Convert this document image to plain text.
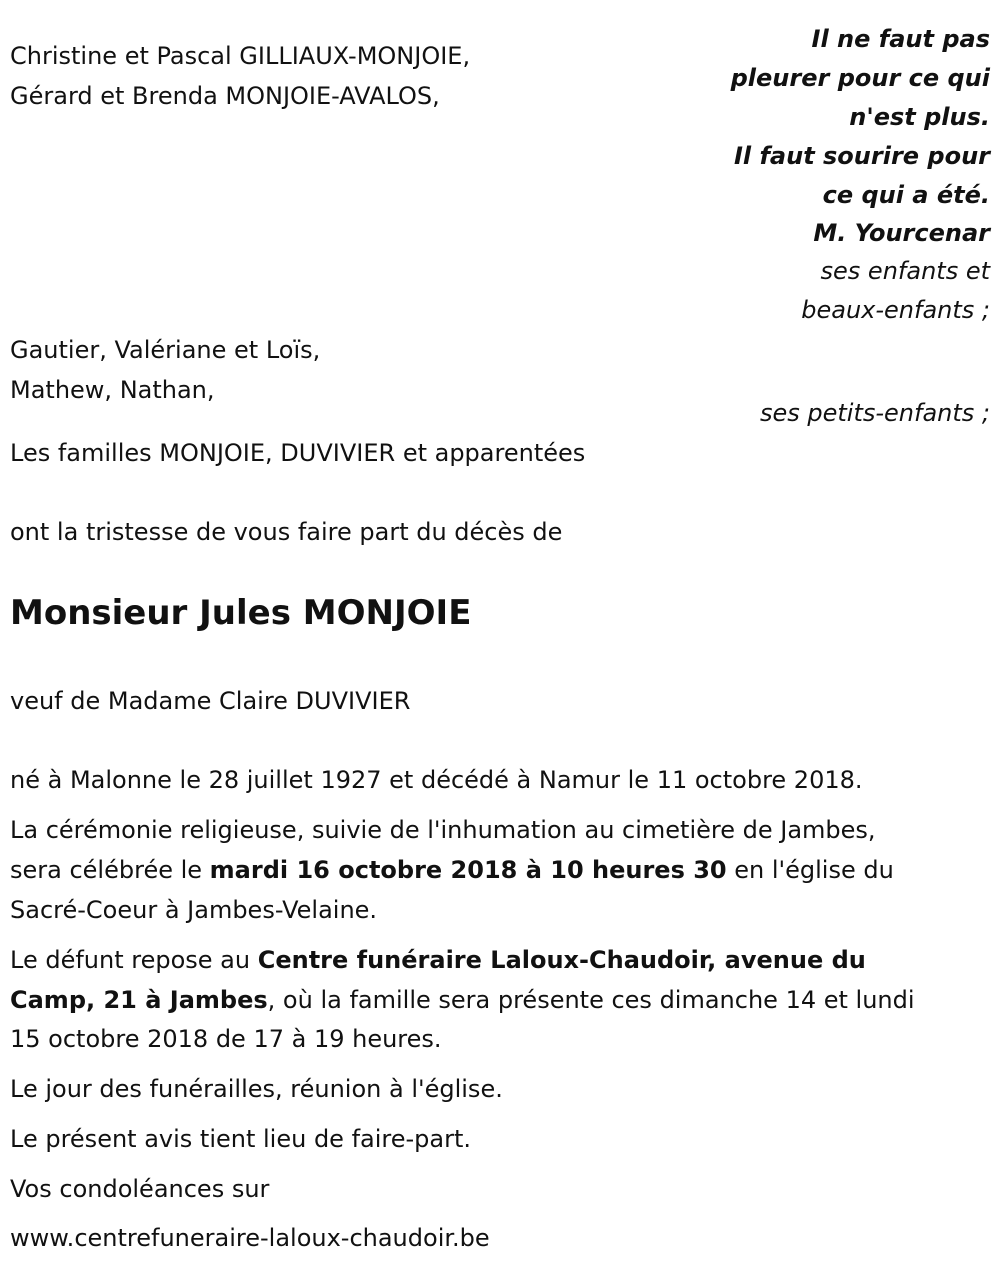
Il ne faut pas

pleurer pour ce qui

n'est plus.

Il faut sourire pour

ce qui a été.

M. Yourcenar

Christine et Pascal GILLIAUX-MONJOIE,

Gérard et Brenda MONJOIE-AVALOS,

ses enfants et

beaux-enfants ;

Gautier, Valériane et Loïs,

Mathew, Nathan,

ses petits-enfants ;

Les familles MONJOIE, DUVIVIER et apparentées

ont la tristesse de vous faire part du décès de

Monsieur Jules MONJOIE

veuf de Madame Claire DUVIVIER

né à Malonne le 28 juillet 1927 et décédé à Namur le 11 octobre 2018.

La cérémonie religieuse, suivie de l'inhumation au cimetière de Jambes,

sera célébrée le mardi 16 octobre 2018 à 10 heures 30 en l'église du

Sacré-Coeur à Jambes-Velaine.

Le défunt repose au Centre funéraire Laloux-Chaudoir, avenue du

Camp, 21 à Jambes, où la famille sera présente ces dimanche 14 et lundi

15 octobre 2018 de 17 à 19 heures.

Le jour des funérailles, réunion à l'église.

Le présent avis tient lieu de faire-part.

Vos condoléances sur

www.centrefuneraire-laloux-chaudoir.be
